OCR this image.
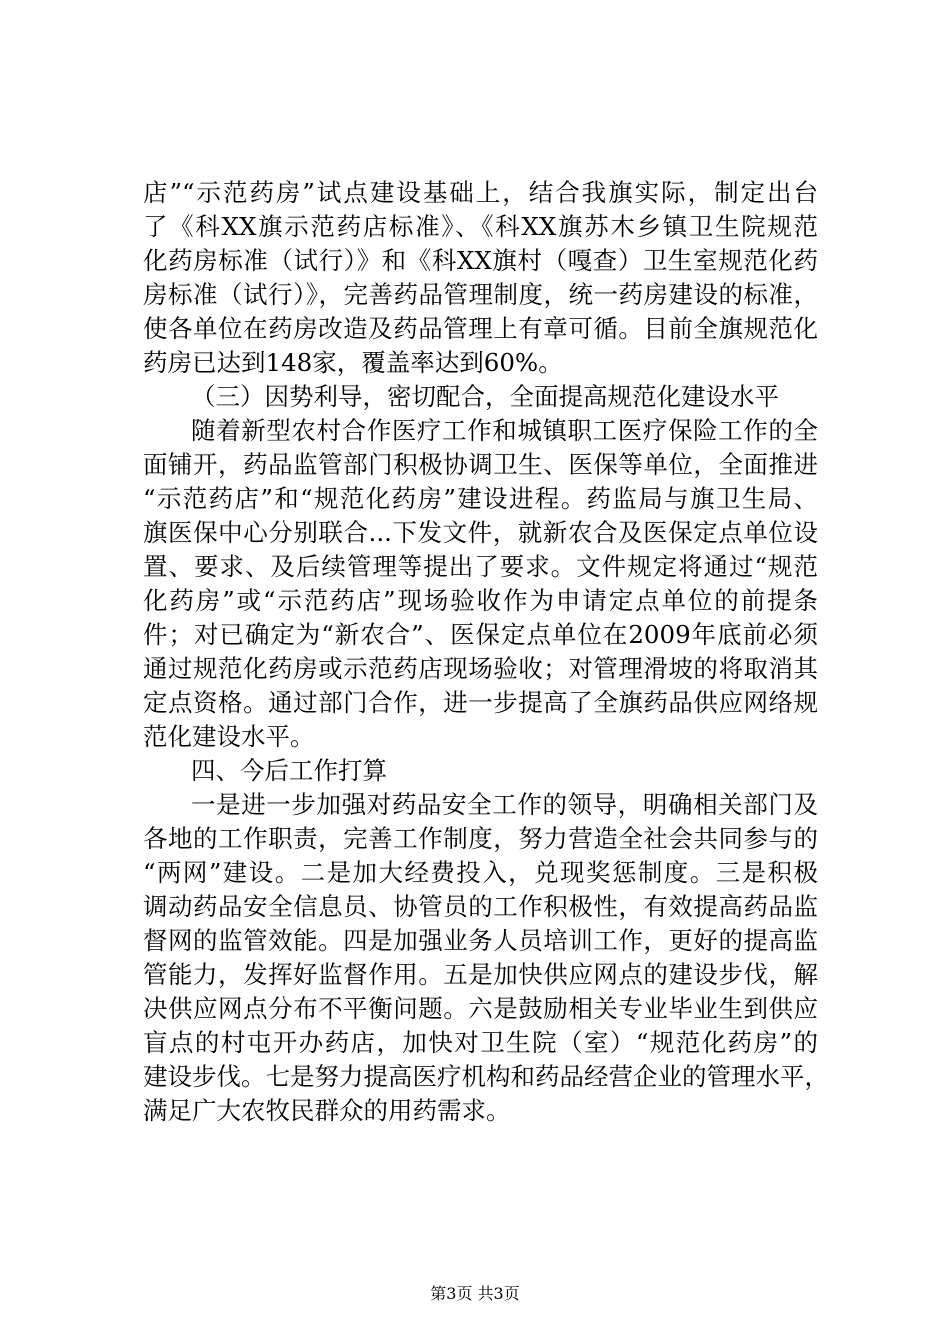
店”“示范药房”试点建设基础上，结合我旗实际，制定出台
了《科XX旗示范药店标准》、《科XX旗苏木乡镇卫生院规范
化药房标准（试行）》和《科XX旗村（嘎查）卫生室规范化药
房标准（试行）》，完善药品管理制度，统一药房建设的标准，
使各单位在药房改造及药品管理上有章可循。目前全旗规范化
药房已达到148家，覆盖率达到60%。
（三）因势利导，密切配合，全面提高规范化建设水平
随着新型农村合作医疗工作和城镇职工医疗保险工作的全
面铺开，药品监管部门积极协调卫生、医保等单位，全面推进
“示范药店”和“规范化药房”建设进程。药监局与旗卫生局、
旗医保中心分别联合...下发文件，就新农合及医保定点单位设
置、要求、及后续管理等提出了要求。文件规定将通过“规范
化药房”或“示范药店”现场验收作为申请定点单位的前提条
件；对已确定为“新农合”、医保定点单位在2009年底前必须
通过规范化药房或示范药店现场验收；对管理滑坡的将取消其
定点资格。通过部门合作，进一步提高了全旗药品供应网络规
范化建设水平。
四、今后工作打算
一是进一步加强对药品安全工作的领导，明确相关部门及
各地的工作职责，完善工作制度，努力营造全社会共同参与的
“两网”建设。二是加大经费投入，兑现奖惩制度。三是积极
调动药品安全信息员、协管员的工作积极性，有效提高药品监
督网的监管效能。四是加强业务人员培训工作，更好的提高监
管能力，发挥好监督作用。五是加快供应网点的建设步伐，解
决供应网点分布不平衡问题。六是鼓励相关专业毕业生到供应
盲点的村屯开办药店，加快对卫生院（室）“规范化药房”的
建设步伐。七是努力提高医疗机构和药品经营企业的管理水平，
满足广大农牧民群众的用药需求。
第3页 共3页
